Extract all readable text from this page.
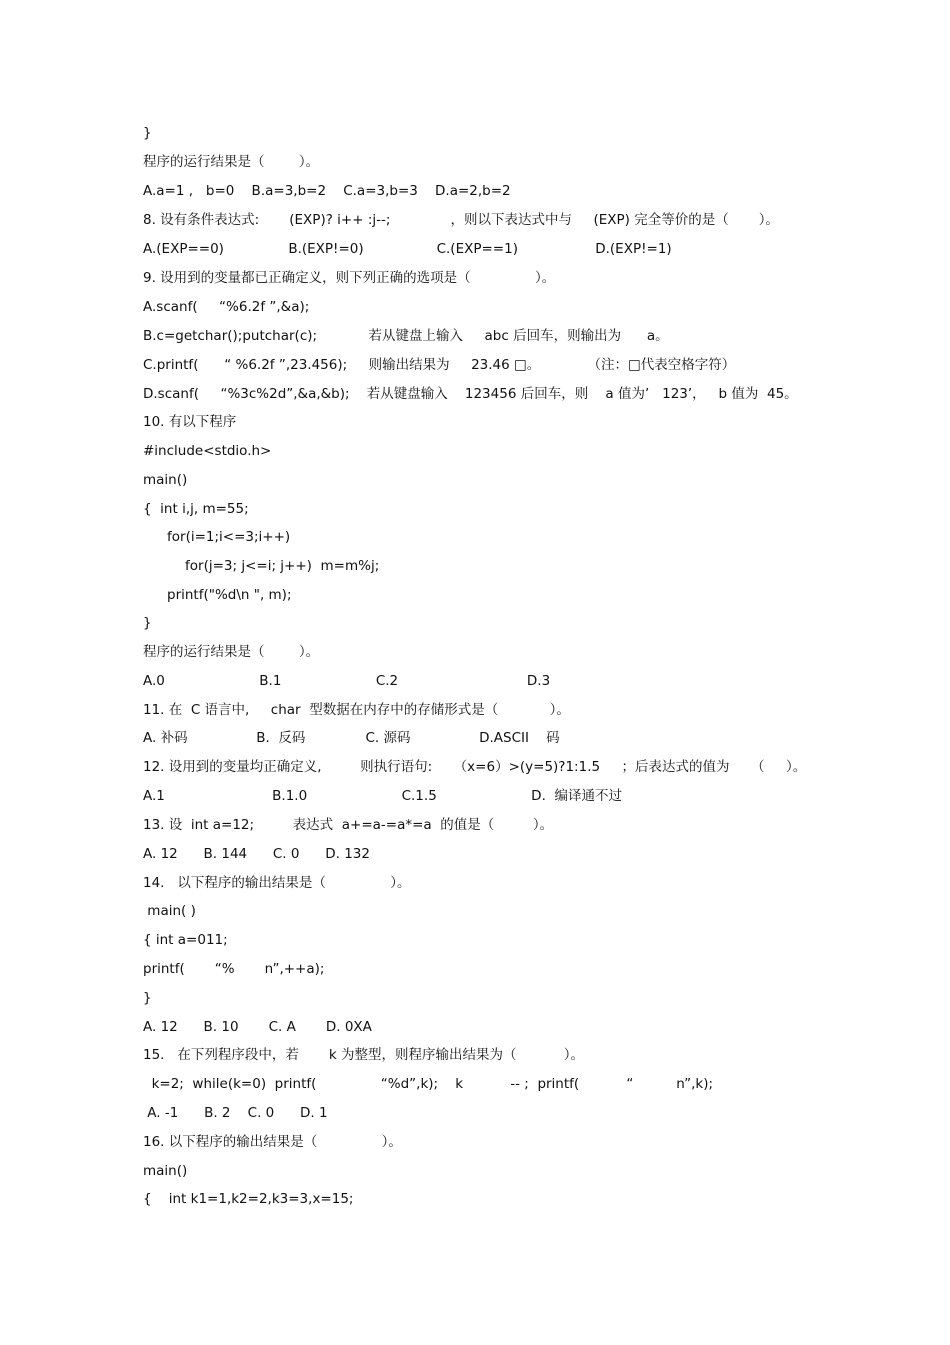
}
程序的运行结果是（        ）。
A.a=1 ,   b=0    B.a=3,b=2    C.a=3,b=3    D.a=2,b=2
8. 设有条件表达式:       (EXP)? i++ :j--;              ，则以下表达式中与     (EXP) 完全等价的是（       ）。
A.(EXP==0)               B.(EXP!=0)                 C.(EXP==1)                  D.(EXP!=1)
9. 设用到的变量都已正确定义，则下列正确的选项是（               ）。
A.scanf(     “%6.2f ”,&a);
B.c=getchar();putchar(c);            若从键盘上输入     abc 后回车，则输出为      a。
C.printf(      “ %6.2f ”,23.456);     则输出结果为     23.46 □。           （注：□代表空格字符）
D.scanf(     “%3c%2d”,&a,&b);    若从键盘输入    123456 后回车，则    a 值为’   123’，   b 值为  45。
10. 有以下程序
#include<stdio.h>
main()
{  int i,j, m=55;
for(i=1;i<=3;i++)
for(j=3; j<=i; j++)  m=m%j;
printf("%d\n ", m);
}
程序的运行结果是（        ）。
A.0                      B.1                      C.2                              D.3
11. 在  C 语言中,     char  型数据在内存中的存储形式是（            ）。
A. 补码                B.  反码              C. 源码                D.ASCII    码
12. 设用到的变量均正确定义,         则执行语句:     （x=6）>(y=5)?1:1.5     ；后表达式的值为     （     ）。
A.1                         B.1.0                      C.1.5                      D.  编译通不过
13. 设  int a=12;         表达式  a+=a-=a*=a  的值是（         ）。
A. 12      B. 144      C. 0      D. 132
14.   以下程序的输出结果是（               ）。
main( )
{ int a=011;
printf(       “%       n”,++a);
}
A. 12      B. 10       C. A       D. 0XA
15.   在下列程序段中，若       k 为整型，则程序输出结果为（           ）。
k=2;  while(k=0)  printf(               “%d”,k);    k           -- ;  printf(           “          n”,k);
A. -1      B. 2    C. 0      D. 1
16. 以下程序的输出结果是（               ）。
main()
{    int k1=1,k2=2,k3=3,x=15;
